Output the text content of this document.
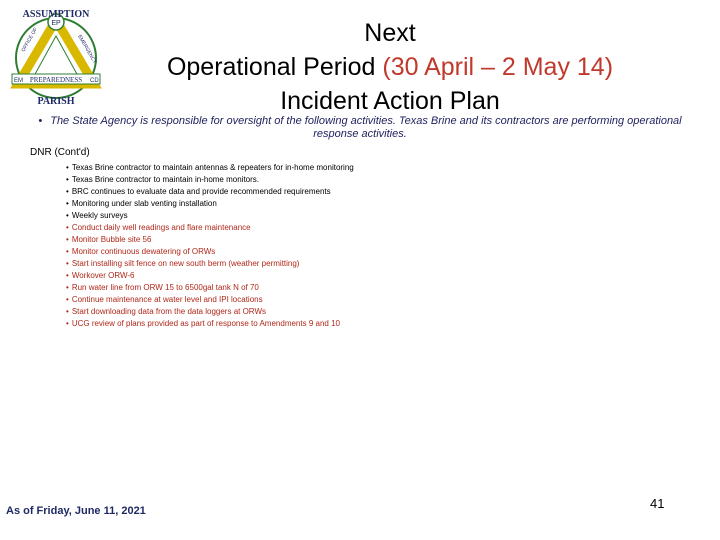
EP
PREPAREDNESS
EM	CD
ASSUMPTION
PARISH
OFFICE OF	EMERGENCY
Next
Operational Period (30 April – 2 May 14)
Incident Action Plan
• The State Agency is responsible for oversight of the following activities. Texas Brine and its contractors are performing operational response activities.
DNR (Cont'd)
• Texas Brine contractor to maintain antennas & repeaters for in-home monitoring
• Texas Brine contractor to maintain in-home monitors.
• BRC continues to evaluate data and provide recommended requirements
• Monitoring under slab venting installation
• Weekly surveys
• Conduct daily well readings and flare maintenance
• Monitor Bubble site 56
• Monitor continuous dewatering of ORWs
• Start installing silt fence on new south berm (weather permitting)
• Workover ORW-6
• Run water line from ORW 15 to 6500gal tank N of 70
• Continue maintenance at water level and IPI locations
• Start downloading data from the data loggers at ORWs
• UCG review of plans provided as part of response to Amendments 9 and 10
As of Friday, June 11, 2021	41
